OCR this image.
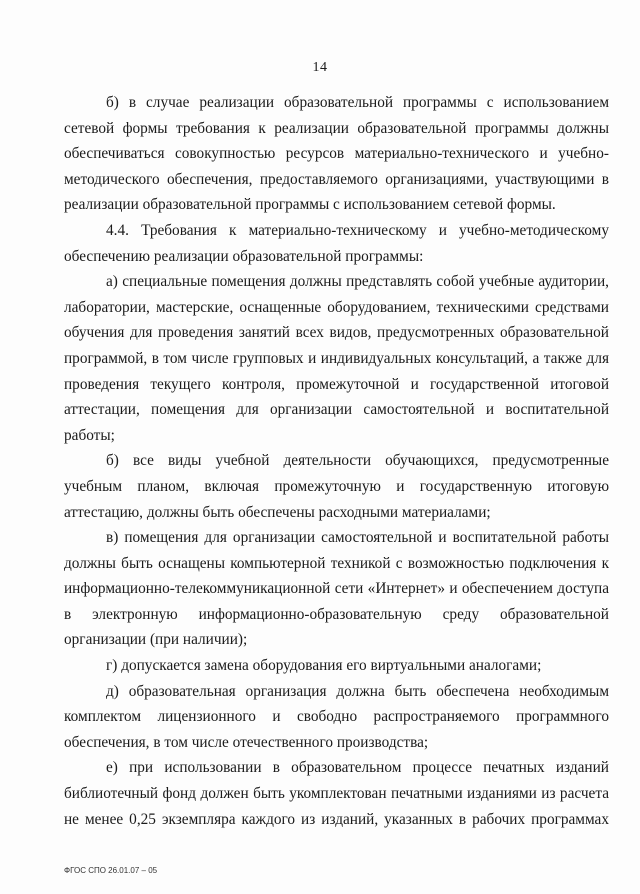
14

б) в случае реализации образовательной программы с использованием сетевой формы требования к реализации образовательной программы должны обеспечиваться совокупностью ресурсов материально-технического и учебно-методического обеспечения, предоставляемого организациями, участвующими в реализации образовательной программы с использованием сетевой формы.

4.4. Требования к материально-техническому и учебно-методическому обеспечению реализации образовательной программы:

а) специальные помещения должны представлять собой учебные аудитории, лаборатории, мастерские, оснащенные оборудованием, техническими средствами обучения для проведения занятий всех видов, предусмотренных образовательной программой, в том числе групповых и индивидуальных консультаций, а также для проведения текущего контроля, промежуточной и государственной итоговой аттестации, помещения для организации самостоятельной и воспитательной работы;

б) все виды учебной деятельности обучающихся, предусмотренные учебным планом, включая промежуточную и государственную итоговую аттестацию, должны быть обеспечены расходными материалами;

в) помещения для организации самостоятельной и воспитательной работы должны быть оснащены компьютерной техникой с возможностью подключения к информационно-телекоммуникационной сети «Интернет» и обеспечением доступа в электронную информационно-образовательную среду образовательной организации (при наличии);

г) допускается замена оборудования его виртуальными аналогами;

д) образовательная организация должна быть обеспечена необходимым комплектом лицензионного и свободно распространяемого программного обеспечения, в том числе отечественного производства;

е) при использовании в образовательном процессе печатных изданий библиотечный фонд должен быть укомплектован печатными изданиями из расчета не менее 0,25 экземпляра каждого из изданий, указанных в рабочих программах

ФГОС СПО 26.01.07 – 05
